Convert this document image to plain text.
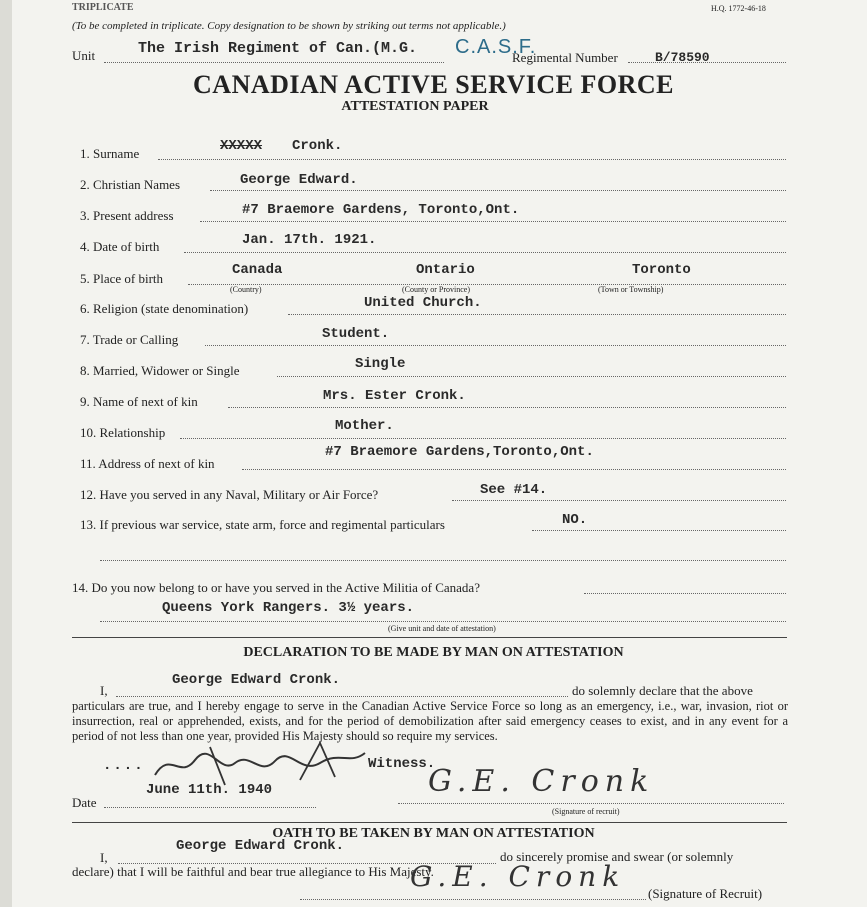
TRIPLICATE	H.Q. 1772-46-18
(To be completed in triplicate. Copy designation to be shown by striking out terms not applicable.)
Unit	The Irish Regiment of Can.(M.G. C.A.S.F.
Regimental Number	B/78590
CANADIAN ACTIVE SERVICE FORCE
ATTESTATION PAPER
1. Surname	XXXXX Cronk.
2. Christian Names	George Edward.
3. Present address	#7 Braemore Gardens, Toronto,Ont.
4. Date of birth	Jan. 17th. 1921.
5. Place of birth
Canada	Ontario	Toronto
(Country)	(County or Province)	(Town or Township)
6. Religion (state denomination)	United Church.
7. Trade or Calling	Student.
8. Married, Widower or Single	Single
9. Name of next of kin	Mrs. Ester Cronk.
10. Relationship	Mother.
11. Address of next of kin
#7 Braemore Gardens,Toronto,Ont.
12. Have you served in any Naval, Military or Air Force?	See #14.
13. If previous war service, state arm, force and regimental particulars	NO.
14. Do you now belong to or have you served in the Active Militia of Canada?
Queens York Rangers. 3½ years.
(Give unit and date of attestation)
DECLARATION TO BE MADE BY MAN ON ATTESTATION
I,
George Edward Cronk.
do solemnly declare that the above
particulars are true, and I hereby engage to serve in the Canadian Active Service Force so long as an emergency, i.e., war, invasion, riot or insurrection, real or apprehended, exists, and for the period of demobilization after said emergency ceases to exist, and in any event for a period of not less than one year, provided His Majesty should so require my services.
....	Witness.
Date
June 11th. 1940	G.E. Cronk
(Signature of recruit)
OATH TO BE TAKEN BY MAN ON ATTESTATION
I,
George Edward Cronk.
do sincerely promise and swear (or solemnly
declare) that I will be faithful and bear true allegiance to His Majesty.
G.E. Cronk
(Signature of Recruit)
